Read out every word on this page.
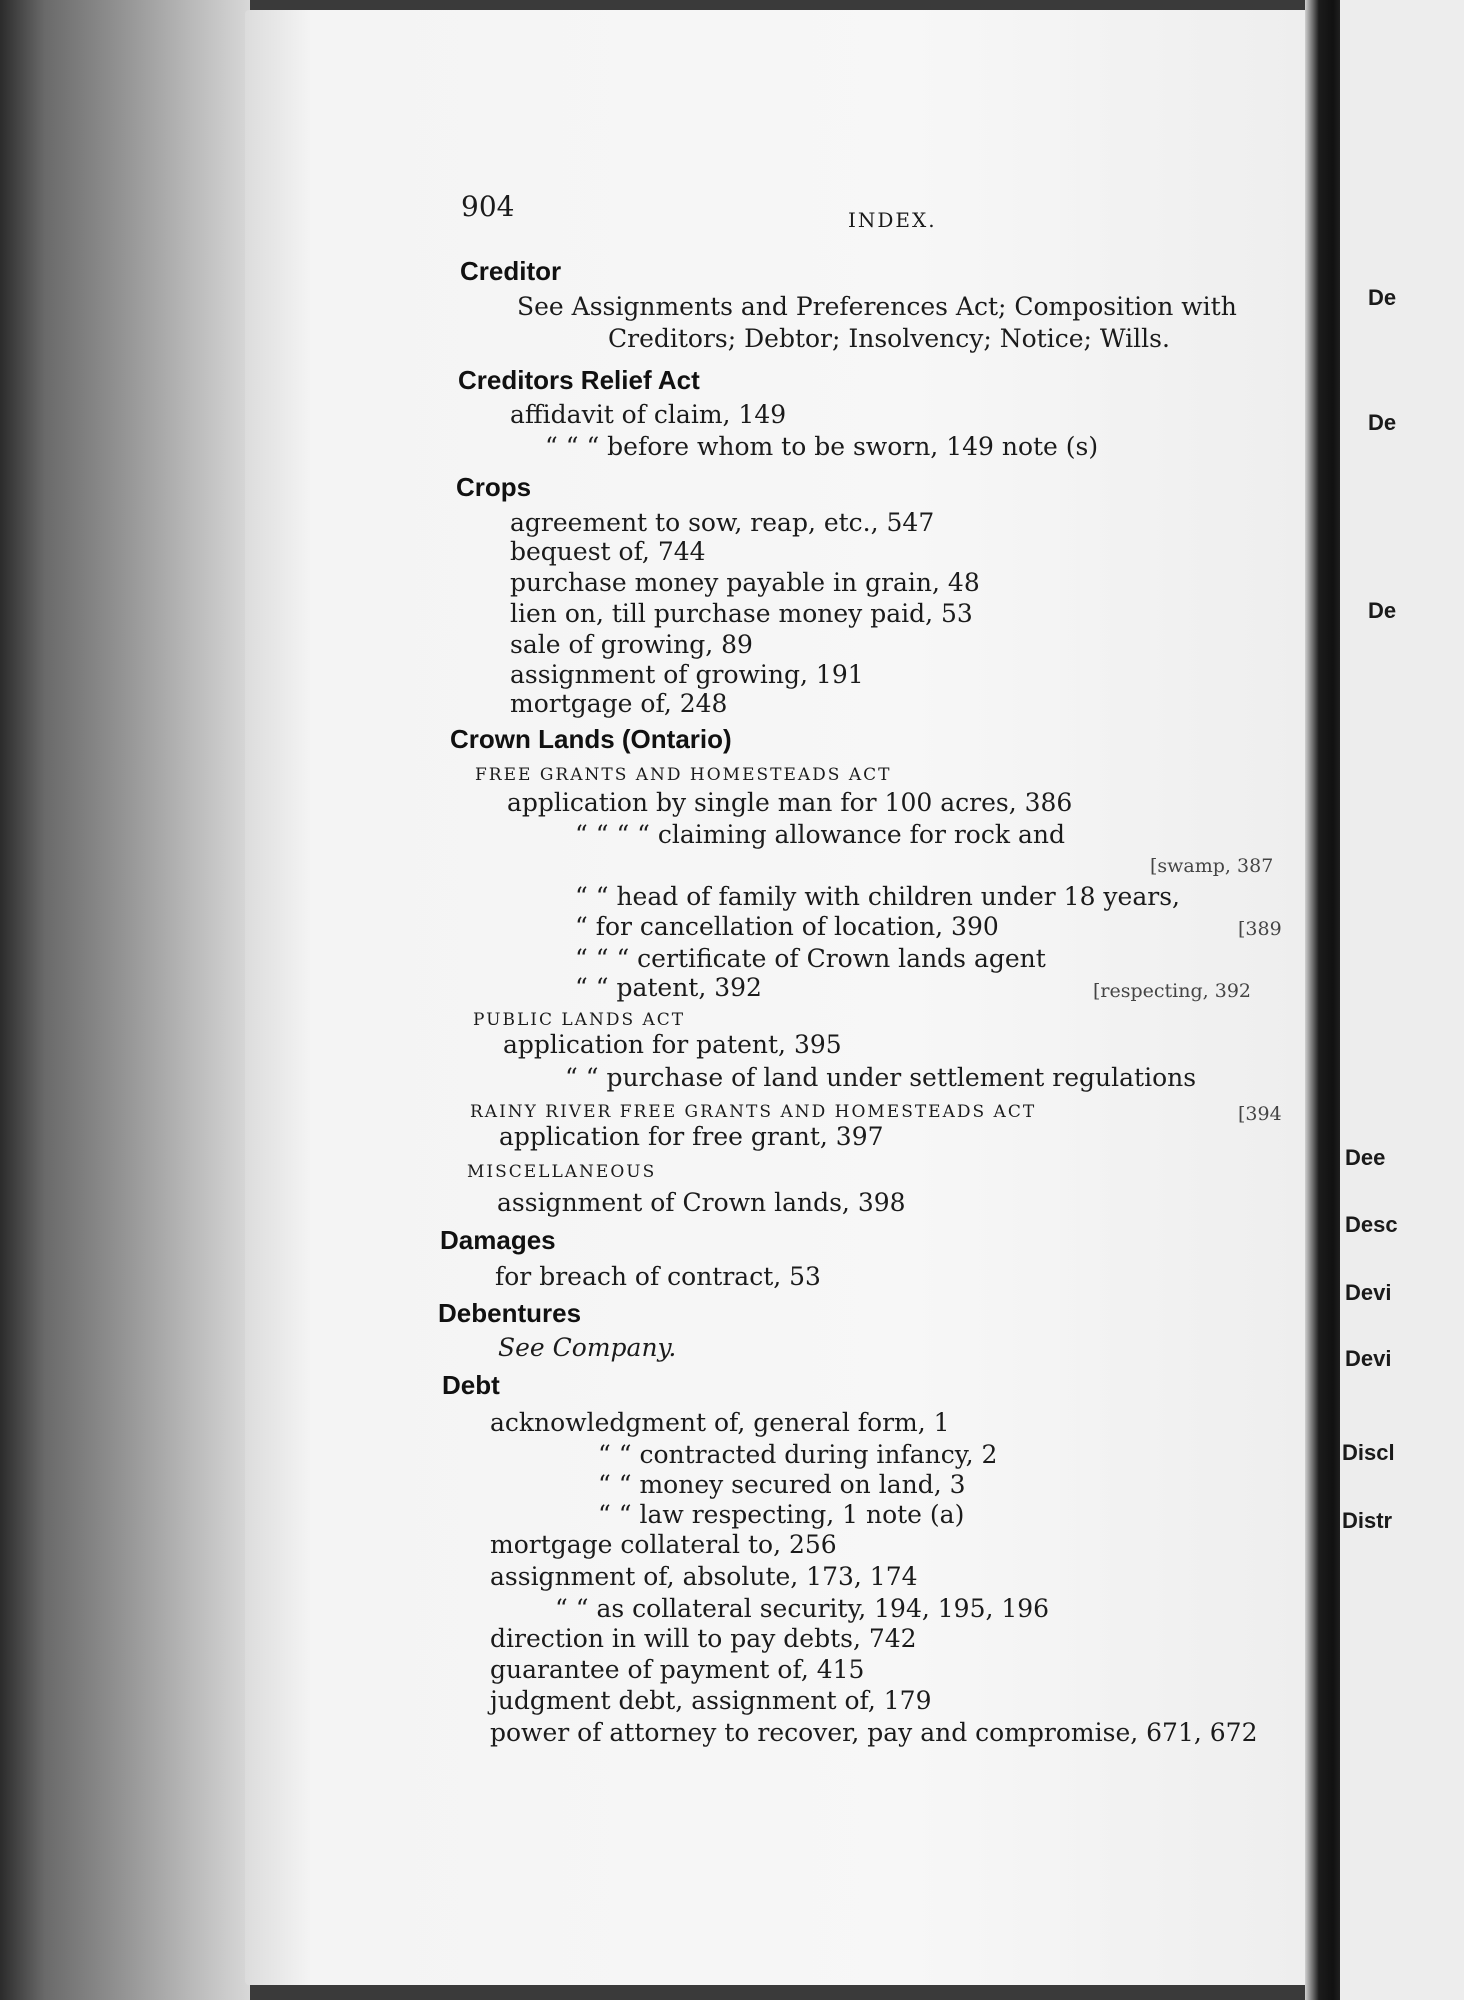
904	INDEX.
Creditor
See Assignments and Preferences Act; Composition with
Creditors; Debtor; Insolvency; Notice; Wills.
Creditors Relief Act
affidavit of claim, 149
“ “ “ before whom to be sworn, 149 note (s)
Crops
agreement to sow, reap, etc., 547
bequest of, 744
purchase money payable in grain, 48
lien on, till purchase money paid, 53
sale of growing, 89
assignment of growing, 191
mortgage of, 248
Crown Lands (Ontario)
FREE GRANTS AND HOMESTEADS ACT
application by single man for 100 acres, 386
“ “ “ “ claiming allowance for rock and
[swamp, 387
“ “ head of family with children under 18 years,
“ for cancellation of location, 390	[389
“ “ “ certificate of Crown lands agent
“ “ patent, 392	[respecting, 392
PUBLIC LANDS ACT
application for patent, 395
“ “ purchase of land under settlement regulations
RAINY RIVER FREE GRANTS AND HOMESTEADS ACT	[394
application for free grant, 397
MISCELLANEOUS
assignment of Crown lands, 398
Damages
for breach of contract, 53
Debentures
See Company.
Debt
acknowledgment of, general form, 1
“ “ contracted during infancy, 2
“ “ money secured on land, 3
“ “ law respecting, 1 note (a)
mortgage collateral to, 256
assignment of, absolute, 173, 174
“ “ as collateral security, 194, 195, 196
direction in will to pay debts, 742
guarantee of payment of, 415
judgment debt, assignment of, 179
power of attorney to recover, pay and compromise, 671, 672
De
De
De
Dee
Desc
Devi
Devi
Discl
Distr
